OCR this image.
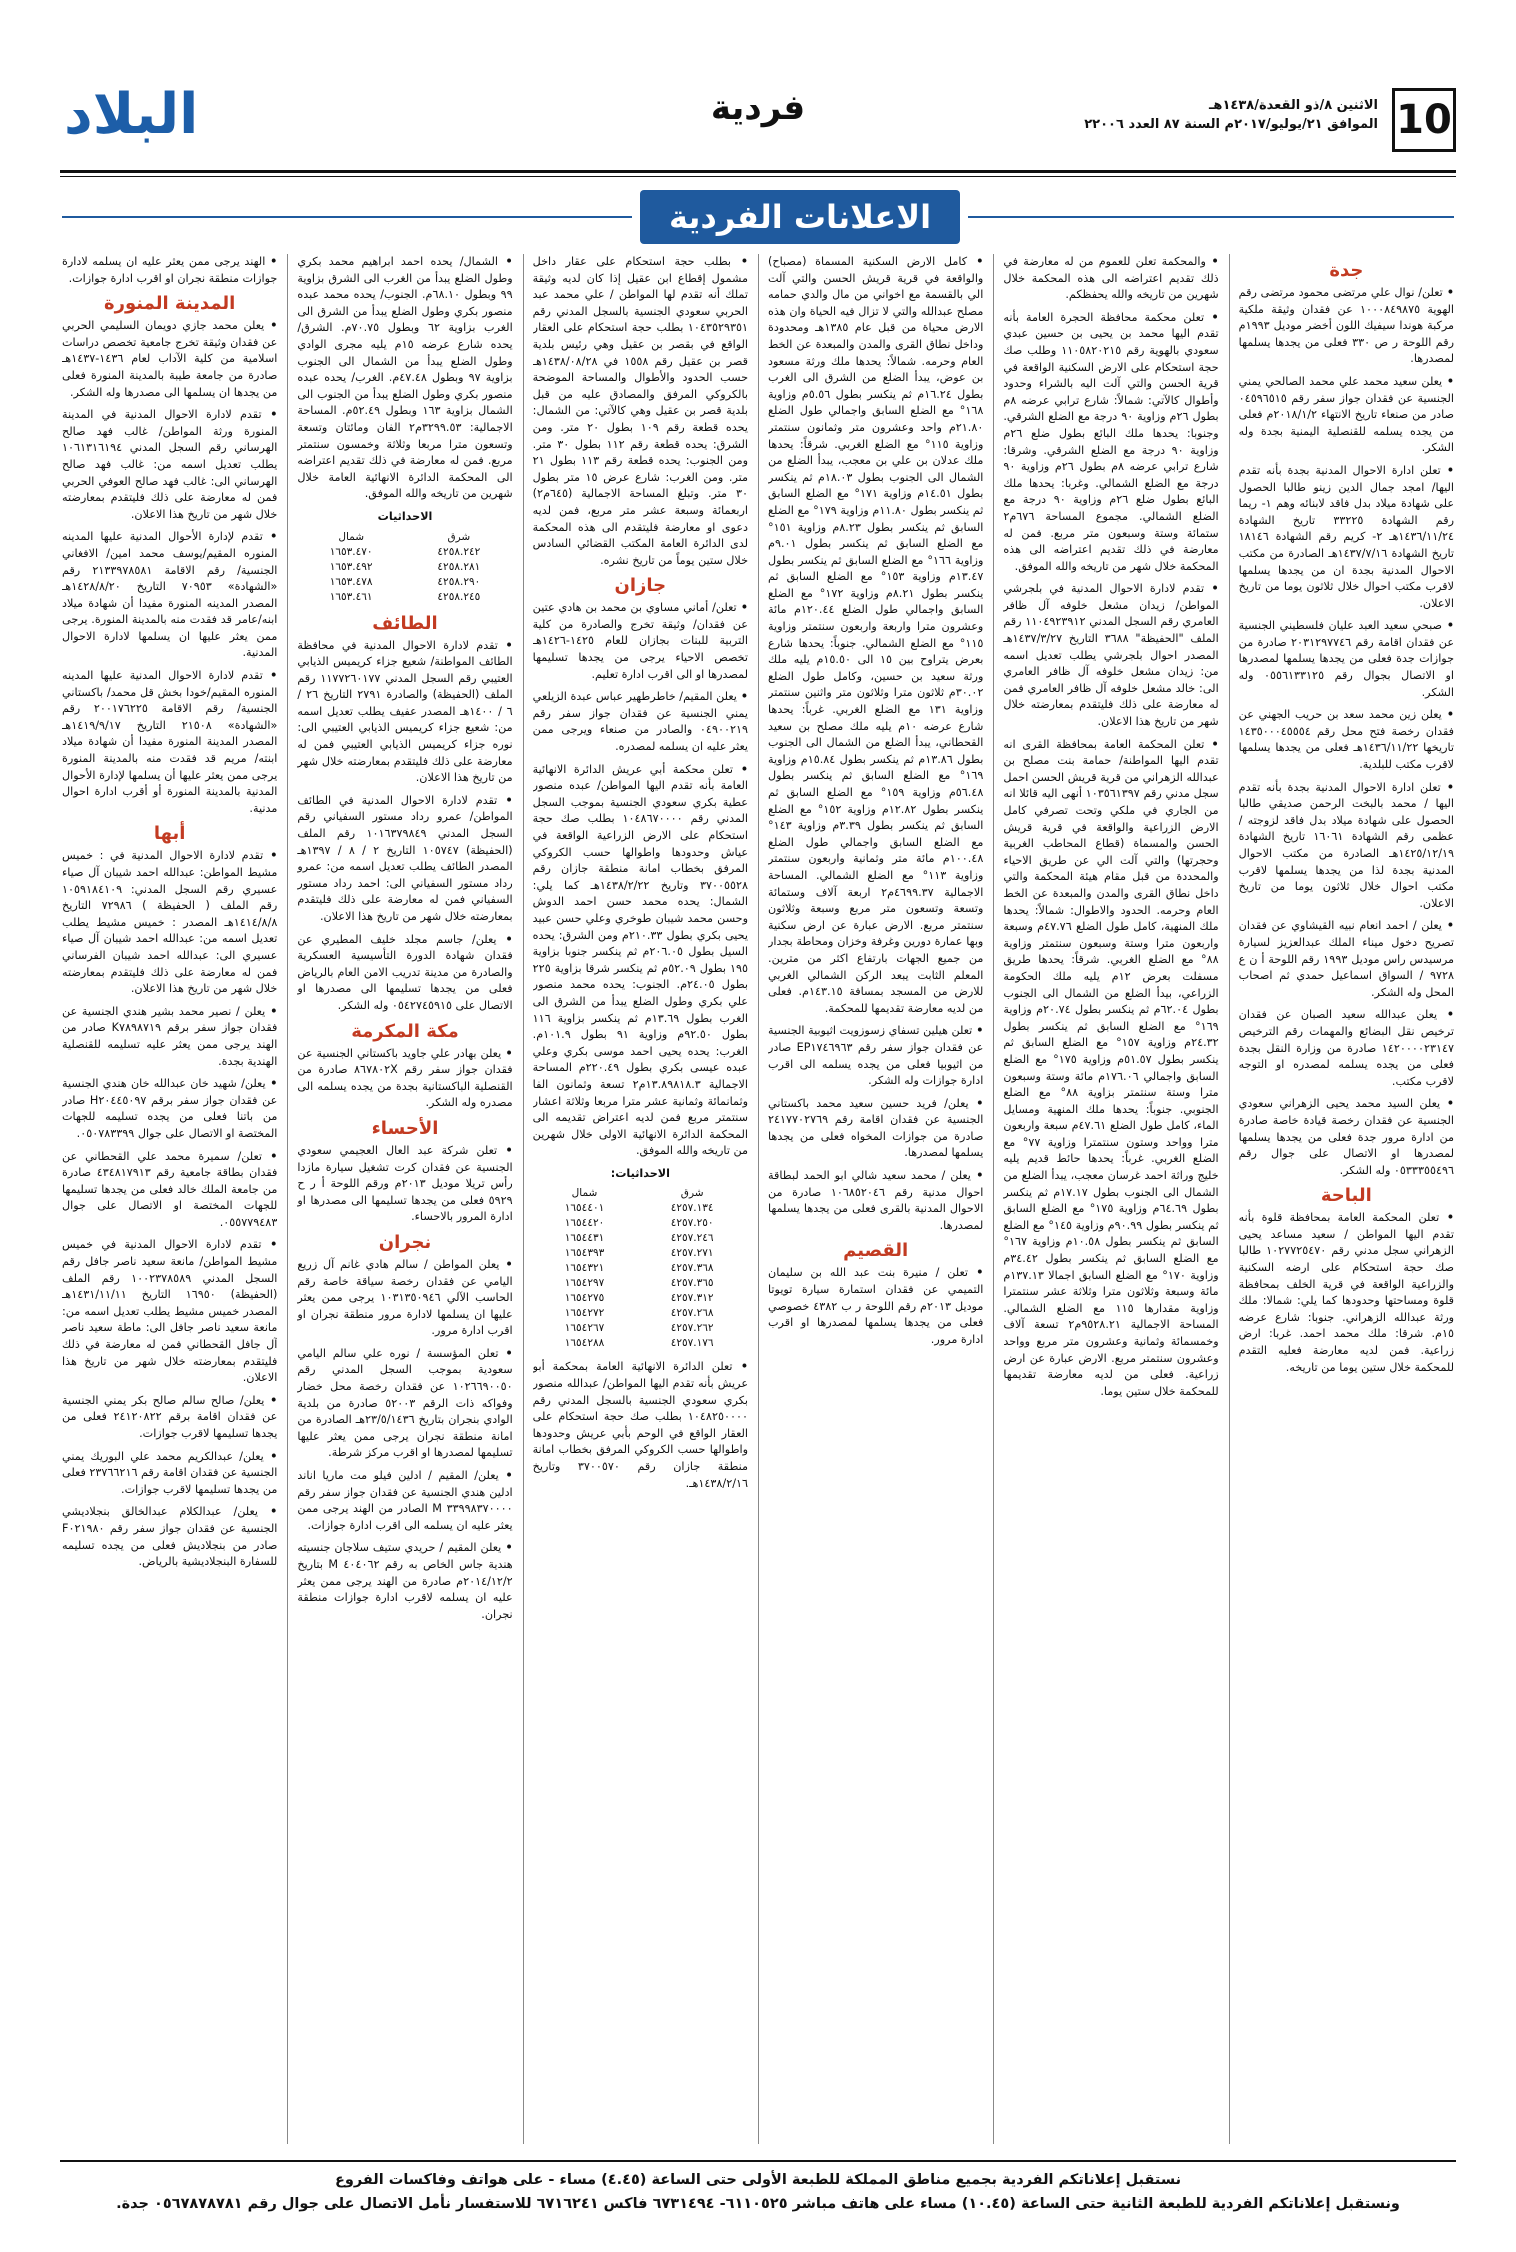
10
الاثنين ٨/ذو القعدة/١٤٣٨هـ
الموافق ٢١/يوليو/٢٠١٧م السنة ٨٧ العدد ٢٢٠٠٦
فردية
البلاد
الاعلانات الفردية
جدة

• تعلن/ نوال علي مرتضى محمود مرتضى رقم الهوية ١٠٠٠٨٤٩٨٧٥ عن فقدان وثيقة ملكية مركبة هوندا سيفيك اللون أخضر موديل ١٩٩٣م رقم اللوحة ر ص ٣٣٠ فعلى من يجدها يسلمها لمصدرها.

• يعلن سعيد محمد علي محمد الصالحي يمني الجنسية عن فقدان جواز سفر رقم ٠٤٥٩٦٥١٥ صادر من صنعاء تاريخ الانتهاء ٢٠١٨/١/٢م فعلى من يجده يسلمه للقنصلية اليمنية بجدة وله الشكر.

• تعلن ادارة الاحوال المدنية بجدة بأنه تقدم اليها/ امجد جمال الدين زينو طالبا الحصول على شهادة ميلاد بدل فاقد لابنائه وهم ١- ريما رقم الشهادة ٣٣٢٢٥ تاريخ الشهادة ١٤٣٦/١١/٢٤هـ ٢- كريم رقم الشهادة ١٨١٤٦ تاريخ الشهادة ١٤٣٧/٧/١٦هـ الصادرة من مكتب الاحوال المدنية بجدة ان من يجدها يسلمها لاقرب مكتب احوال خلال ثلاثون يوما من تاريخ الاعلان.

• صبحي سعيد العبد عليان فلسطيني الجنسية عن فقدان اقامة رقم ٢٠٣١٢٩٧٧٤٦ صادرة من جوازات جدة فعلى من يجدها يسلمها لمصدرها او الاتصال بجوال رقم ٠٥٥٦١٣٣١٢٥ وله الشكر.

• يعلن زين محمد سعد بن حريب الجهني عن فقدان رخصة فتح محل رقم ١٤٣٥٠٠٠٤٥٥٥٤ تاريخها ١٤٣٦/١١/٢٢هـ فعلى من يجدها يسلمها لاقرب مكتب للبلدية.

• تعلن ادارة الاحوال المدنية بجدة بأنه تقدم اليها / محمد بالبخت الرحمن صديقي طالبا الحصول على شهادة ميلاد بدل فاقد لزوجته / عظمى رقم الشهادة ١٦٠٦١ تاريخ الشهادة ١٤٢٥/١٢/١٩هـ الصادرة من مكتب الاحوال المدنية بجدة لذا من يجدها يسلمها لاقرب مكتب احوال خلال ثلاثون يوما من تاريخ الاعلان.

• يعلن / احمد انعام نبيه القيشاوي عن فقدان تصريح دخول ميناء الملك عبدالعزيز لسيارة مرسيدس راس موديل ١٩٩٣ رقم اللوحة أ ن ع ٩٧٢٨ / السواق اسماعيل حمدي ثم اصحاب المحل وله الشكر.

• يعلن عبدالله سعيد الصبان عن فقدان ترخيص نقل البضائع والمهمات رقم الترخيص ١٤٢٠٠٠٠٢٣١٤٧ صادرة من وزارة النقل بجدة فعلى من يجده يسلمه لمصدره او التوجه لاقرب مكتب.

• يعلن السيد محمد يحيى الزهراني سعودي الجنسية عن فقدان رخصة قيادة خاصة صادرة من ادارة مرور جدة فعلى من يجدها يسلمها لمصدرها او الاتصال على جوال رقم ٠٥٣٣٣٥٥٤٩٦ وله الشكر.

الباحة

• تعلن المحكمة العامة بمحافظة قلوة بأنه تقدم اليها المواطن / سعيد مساعد يحيى الزهراني سجل مدني رقم ١٠٢٧٧٢٥٤٧٠ طالبا صك حجة استحكام على ارضه السكنية والزراعية الواقعة في قرية الخلف بمحافظة قلوة ومساحتها وحدودها كما يلي: شمالا: ملك ورثة عبدالله الزهراني. جنوبا: شارع عرضه ١٥م. شرقا: ملك محمد احمد. غربا: ارض زراعية. فمن لديه معارضة فعليه التقدم للمحكمة خلال ستين يوما من تاريخه.

• والمحكمة تعلن للعموم من له معارضة في ذلك تقديم اعتراضه الى هذه المحكمة خلال شهرين من تاريخه والله يحفظكم.

• تعلن محكمة محافظة الحجرة العامة بأنه تقدم اليها محمد بن يحيى بن حسين عبدي سعودي بالهوية رقم ١١٠٥٨٢٠٢١٥ وطلب صك حجة استحكام على الارض السكنية الواقعة في قرية الحسن والتي آلت اليه بالشراء وحدود وأطوال كالآتي: شمالاً: شارع ترابي عرضه ٨م بطول ٢٦م وزاوية ٩٠ درجة مع الضلع الشرقي. وجنوبا: يحدها ملك البائع بطول ضلع ٢٦م وزاوية ٩٠ درجة مع الضلع الشرقي. وشرقا: شارع ترابي عرضه ٨م بطول ٢٦م وزاوية ٩٠ درجة مع الضلع الشمالي. وغربا: يحدها ملك البائع بطول ضلع ٢٦م وزاوية ٩٠ درجة مع الضلع الشمالي. مجموع المساحة ٦٧٦م٢ ستمائة وستة وسبعون متر مربع. فمن له معارضة في ذلك تقديم اعتراضه الى هذه المحكمة خلال شهر من تاريخه والله الموفق.

• تقدم لادارة الاحوال المدنية في بلجرشي المواطن/ زيدان مشعل خلوفه آل ظافر العامري رقم السجل المدني ١١٠٤٩٢٣٩١٢ رقم الملف "الحفيظة" ٣٦٨٨ التاريخ ١٤٣٧/٣/٢٧هـ المصدر احوال بلجرشي يطلب تعديل اسمه من: زيدان مشعل خلوفه آل ظافر العامري الى: خالد مشعل خلوفه آل ظافر العامري فمن له معارضة على ذلك فليتقدم بمعارضته خلال شهر من تاريخ هذا الاعلان.

• تعلن المحكمة العامة بمحافظة القرى انه تقدم اليها المواطنة/ حمامة بنت مصلح بن عبدالله الزهراني من قرية قريش الحسن احمل سجل مدني رقم ١٠٣٥٦١٣٩٧ أنهى اليه قائلا انه من الجاري في ملكي وتحت تصرفي كامل الارض الزراعية والواقعة في قرية قريش الحسن والمسماة (قطاع المحاطب الغربية وحجرتها) والتي آلت الي عن طريق الاحياء والمحددة من قبل مقام هيئة المحكمة والتي داخل نطاق القرى والمدن والمبعدة عن الخط العام وحرمه. الحدود والاطوال: شمالاً: يحدها ملك المنهية، كامل طول الضلع ٤٧.٧٦م وسبعة واربعون مترا وستة وسبعون سنتمتر وزاوية ٨٨° مع الضلع الغربي. شرقاً: يحدها طريق مسفلت بعرض ١٢م يليه ملك الحكومة الزراعي، بيدأ الضلع من الشمال الى الجنوب بطول ٦٢.٠٤م ثم ينكسر بطول ٢٠.٧٤م وزاوية ١٦٩° مع الضلع السابق ثم ينكسر بطول ٢٤.٣٢م وزاوية ١٥٧° مع الضلع السابق ثم ينكسر بطول ٥١.٥٧م وزاوية ١٧٥° مع الضلع السابق واجمالي ١٧٦.٠٦م مائة وستة وسبعون مترا وستة سنتمتر بزاوية ٨٨° مع الضلع الجنوبي. جنوباً: يحدها ملك المنهية ومسايل الماء، كامل طول الضلع ٤٧.٦١م سبعة واربعون مترا وواحد وستون سنتمترا وزاوية ٧٧° مع الضلع الغربي. غرباً: يحدها حائط قديم يليه خليج وراثة احمد غرسان معجب، يبدأ الضلع من الشمال الى الجنوب بطول ١٧.١٧م ثم ينكسر بطول ٦٤.٦٩م وزاوية ١٧٥° مع الضلع السابق ثم ينكسر بطول ٩٠.٩٩م وزاوية ١٤٥° مع الضلع السابق ثم ينكسر بطول ١٠.٥٨م وزاوية ١٦٧° مع الضلع السابق ثم ينكسر بطول ٣٤.٤٢م وزاوية ١٧٠° مع الضلع السابق اجمالا ١٣٧.١٣م مائة وسبعة وثلاثون مترا وثلاثة عشر سنتمترا وزاوية مقدارها ١١٥ مع الضلع الشمالي. المساحة الاجمالية ٩٥٢٨.٢١م٢ تسعة آلاف وخمسمائة وثمانية وعشرون متر مربع وواحد وعشرون سنتمتر مربع. الارض عبارة عن ارض زراعية. فعلى من لديه معارضة تقديمها للمحكمة خلال ستين يوما.

• كامل الارض السكنية المسماة (مصباح) والواقعة في قرية قريش الحسن والتي آلت الي بالقسمة مع اخواني من مال والدي حمامه مصلح عبدالله والتي لا تزال فيه الحياة وان هذه الارض محياة من قبل عام ١٣٨٥هـ ومحدودة وداخل نطاق القرى والمدن والمبعدة عن الخط العام وحرمه. شمالاً: يحدها ملك ورثة مسعود بن عوض، يبدأ الضلع من الشرق الى الغرب بطول ١٦.٢٤م ثم ينكسر بطول ٥.٥٦م وزاوية ١٦٨° مع الضلع السابق واجمالي طول الضلع ٢١.٨٠م واحد وعشرون متر وثمانون سنتمتر وزاوية ١١٥° مع الضلع الغربي. شرقاً: يحدها ملك عدلان بن علي بن معجب، يبدأ الضلع من الشمال الى الجنوب بطول ١٨.٠٣م ثم ينكسر بطول ١٤.٥١م وزاوية ١٧١° مع الضلع السابق ثم ينكسر بطول ١١.٨٠م وزاوية ١٧٩° مع الضلع السابق ثم ينكسر بطول ٨.٢٣م وزاوية ١٥١° مع الضلع السابق ثم ينكسر بطول ٩.٠١م وزاوية ١٦٦° مع الضلع السابق ثم ينكسر بطول ١٣.٤٧م وزاوية ١٥٣° مع الضلع السابق ثم ينكسر بطول ٨.٢١م وزاوية ١٧٢° مع الضلع السابق واجمالي طول الضلع ١٢٠.٤٤م مائة وعشرون مترا واربعة واربعون سنتمتر وزاوية ١١٥° مع الضلع الشمالي. جنوباً: يحدها شارع بعرض يتراوح بين ١٥ الى ١٥.٥٠م يليه ملك ورثة سعيد بن حسين، وكامل طول الضلع ٣٠.٠٢م ثلاثون مترا وثلاثون متر واثنين سنتمتر وزاوية ١٣١ مع الضلع الغربي. غرباً: يحدها شارع عرضه ١٠م يليه ملك مصلح بن سعيد القحطاني، يبدأ الضلع من الشمال الى الجنوب بطول ١٣.٨٦م ثم ينكسر بطول ١٥.٨٤م وزاوية ١٦٩° مع الضلع السابق ثم ينكسر بطول ٥٦.٤٨م وزاوية ١٥٩° مع الضلع السابق ثم ينكسر بطول ١٢.٨٢م وزاوية ١٥٢° مع الضلع السابق ثم ينكسر بطول ٣.٣٩م وزاوية ١٤٣° مع الضلع السابق واجمالي طول الضلع ١٠٠.٤٨م مائة متر وثمانية واربعون سنتمتر وزاوية ١١٣° مع الضلع الشمالي. المساحة الاجمالية ٤٦٩٩.٣٧م٢ اربعة آلاف وستمائة وتسعة وتسعون متر مربع وسبعة وثلاثون سنتمتر مربع. الارض عبارة عن ارض سكنية وبها عمارة دورين وغرفة وخزان ومحاطة بجدار من جميع الجهات بارتفاع اكثر من مترين. المعلم الثابت يبعد الركن الشمالي الغربي للارض من المسجد بمسافة ١٤٣.١٥م. فعلى من لديه معارضة تقديمها للمحكمة.

• تعلن هيلين تسفاي زسوزويت اثيوبية الجنسية عن فقدان جواز سفر رقم EP١٧٤٦٩٦٣ صادر من اثيوبيا فعلى من يجده يسلمه الى اقرب ادارة جوازات وله الشكر.

• يعلن/ فريد حسين سعيد محمد باكستاني الجنسية عن فقدان اقامة رقم ٢٤١٧٧٠٢٧٦٩ صادرة من جوازات المخواه فعلى من يجدها يسلمها لمصدرها.

• يعلن / محمد سعيد شالي ابو الحمد لبطاقة احوال مدنية رقم ١٠٦٨٥٢٠٤٦ صادرة من الاحوال المدنية بالقرى فعلى من يجدها يسلمها لمصدرها.

القصيم

• تعلن / منيرة بنت عبد الله بن سليمان التميمي عن فقدان استمارة سيارة تويوتا موديل ٢٠١٣م رقم اللوحة ر ب ٤٣٨٢ خصوصي فعلى من يجدها يسلمها لمصدرها او اقرب ادارة مرور.

• بطلب حجة استحكام على عقار داخل مشمول إقطاع ابن عقيل إذا كان لديه وثيقة تملك أنه تقدم لها المواطن / علي محمد عبد الحربي سعودي الجنسية بالسجل المدني رقم ١٠٤٣٥٢٩٣٥١ بطلب حجة استحكام على العقار الواقع في بقصر بن عقيل وهي رئيس بلدية قصر بن عقيل رقم ١٥٥٨ في ١٤٣٨/٠٨/٢٨هـ حسب الحدود والأطوال والمساحة الموضحة بالكروكي المرفق والمصادق عليه من قبل بلدية قصر بن عقيل وهي كالآتي: من الشمال: يحده قطعة رقم ١٠٩ بطول ٢٠ متر. ومن الشرق: يحده قطعة رقم ١١٢ بطول ٣٠ متر. ومن الجنوب: يحده قطعة رقم ١١٣ بطول ٢١ متر. ومن الغرب: شارع عرض ١٥ متر بطول ٣٠ متر. وتبلغ المساحة الاجمالية (٦٤٥م٢) اربعمائة وسبعة عشر متر مربع، فمن لديه دعوى او معارضة فليتقدم الى هذه المحكمة لدى الدائرة العامة المكتب القضائي السادس خلال ستين يوماً من تاريخ نشره.

جازان

• تعلن/ أماني مساوي بن محمد بن هادي عتين عن فقدان/ وثيقة تخرج والصادرة من كلية التربية للبنات بجازان للعام ١٤٢٥-١٤٢٦هـ تخصص الاحياء يرجى من يجدها تسليمها لمصدرها او الى اقرب ادارة تعليم.

• يعلن المقيم/ خاطرطهير عباس عبدة الزيلعي يمني الجنسية عن فقدان جواز سفر رقم ٠٤٩٠٠٢١٩ والصادر من صنعاء ويرجى ممن يعثر عليه ان يسلمه لمصدره.

• تعلن محكمة أبي عريش الدائرة الانهائية العامة بأنه تقدم اليها المواطن/ عبده منصور عطية بكري سعودي الجنسية بموجب السجل المدني رقم ١٠٤٨٦٧٠٠٠٠ بطلب صك حجة استحكام على الارض الزراعية الواقعة في عياش وحدودها واطوالها حسب الكروكي المرفق بخطاب امانة منطقة جازان رقم ٣٧٠٠٥٥٢٨ وتاريخ ١٤٣٨/٢/٢٢هـ كما يلي: الشمال: يحده محمد حسن احمد الدوش وحسن محمد شيبان طوخري وعلي حسن عبيد يحيى بكري بطول ٢١٠.٣٣م ومن الشرق: يحده السيل بطول ٢٠٦.٠٥م ثم ينكسر جنوبا بزاوية ١٩٥ بطول ٥٢.٠٩م ثم ينكسر شرقا بزاوية ٢٢٥ بطول ٢٤.٠٥م. الجنوب: يحده محمد منصور علي بكري وطول الضلع يبدأ من الشرق الى الغرب بطول ١٣.٦٩م ثم ينكسر بزاوية ١١٦ بطول ٩٢.٥٠م وزاوية ٩١ بطول ١٠١.٩م. الغرب: يحده يحيى احمد موسى بكري وعلي عبده عيسى بكري بطول ٢٢٠.٤٩م المساحة الاجمالية ١٣.٨٩٨١٨.٣م٢ تسعة وثمانون الفا وثمانمائة وثمانية عشر مترا مربعا وثلاثة اعشار سنتمتر مربع فمن لديه اعتراض تقديمه الى المحكمة الدائرة الانهائية الاولى خلال شهرين من تاريخه والله الموفق.

الاحداثيات:
شمال	شرق
١٦٥٤٤٠١	٤٢٥٧.١٣٤
١٦٥٤٤٢٠	٤٢٥٧.٢٥٠
١٦٥٤٤٣١	٤٢٥٧.٢٤٦
١٦٥٤٣٩٣	٤٢٥٧.٢٧١
١٦٥٤٣٢١	٤٢٥٧.٣٦٨
١٦٥٤٢٩٧	٤٢٥٧.٣٦٥
١٦٥٤٢٧٥	٤٢٥٧.٣١٢
١٦٥٤٢٧٢	٤٢٥٧.٢٦٨
١٦٥٤٢٦٧	٤٢٥٧.٢٦٢
١٦٥٤٢٨٨	٤٢٥٧.١٧٦

• تعلن الدائرة الانهائية العامة بمحكمة أبو عريش بأنه تقدم اليها المواطن/ عبدالله منصور بكري سعودي الجنسية بالسجل المدني رقم ١٠٤٨٢٥٠٠٠٠ بطلب صك حجة استحكام على العقار الواقع في الوحم بأبي عريش وحدودها واطوالها حسب الكروكي المرفق بخطاب امانة منطقة جازان رقم ٣٧٠٠٥٧٠ وتاريخ ١٤٣٨/٢/١٦هـ.

• الشمال/ يحده احمد ابراهيم محمد بكري وطول الضلع يبدأ من الغرب الى الشرق بزاوية ٩٩ وبطول ٦٨.١٠م. الجنوب/ يحده محمد عبده منصور بكري وطول الضلع يبدأ من الشرق الى الغرب بزاوية ٦٢ وبطول ٧٠.٧٥م. الشرق/ يحده شارع عرضه ١٥م يليه مجرى الوادي وطول الضلع يبدأ من الشمال الى الجنوب بزاوية ٩٧ وبطول ٤٧.٤٨م. الغرب/ يحده عبده منصور بكري وطول الضلع يبدأ من الجنوب الى الشمال بزاوية ١٦٣ وبطول ٥٢.٤٩م. المساحة الاجمالية: ٣٢٩٩.٥٣م٢ الفان ومائتان وتسعة وتسعون مترا مربعا وثلاثة وخمسون سنتمتر مربع. فمن له معارضة في ذلك تقديم اعتراضه الى المحكمة الدائرة الانهائية العامة خلال شهرين من تاريخه والله الموفق.

الاحداثيات
شمال	شرق
١٦٥٣.٤٧٠	٤٢٥٨.٢٤٢
١٦٥٣.٤٩٢	٤٢٥٨.٢٨١
١٦٥٣.٤٧٨	٤٢٥٨.٢٩٠
١٦٥٣.٤٦١	٤٢٥٨.٢٤٥
الطائف

• تقدم لادارة الاحوال المدنية في محافظة الطائف المواطنة/ شعيع جزاء كريميس الذيابي العتيبي رقم السجل المدني ١١٧٧٢٦٠١٧٧ رقم الملف (الحفيظة) والصادرة ٢٧٩١ التاريخ ٢٦ / ٦ / ١٤٠٠هـ المصدر عفيف يطلب تعديل اسمه من: شعيع جزاء كريميس الذيابي العتيبي الى: نوره جزاء كريميس الذيابي العتيبي فمن له معارضة على ذلك فليتقدم بمعارضته خلال شهر من تاريخ هذا الاعلان.

• تقدم لادارة الاحوال المدنية في الطائف المواطن/ عمرو رداد مستور السفياني رقم السجل المدني ١٠١٦٣٧٩٨٤٩ رقم الملف (الحفيظة) ١٠٥٧٤٧ التاريخ ٢ / ٨ / ١٣٩٧هـ المصدر الطائف يطلب تعديل اسمه من: عمرو رداد مستور السفياني الى: احمد رداد مستور السفياني فمن له معارضة على ذلك فليتقدم بمعارضته خلال شهر من تاريخ هذا الاعلان.

• يعلن/ جاسم مجلد خليف المطيري عن فقدان شهادة الدورة التأسيسية العسكرية والصادرة من مدينة تدريب الامن العام بالرياض فعلى من يجدها تسليمها الى مصدرها او الاتصال على ٠٥٤٢٧٤٥٩١٥ وله الشكر.

مكة المكرمة

• يعلن بهادر علي جاويد باكستاني الجنسية عن فقدان جواز سفر رقم ٨٦٧٨٠٢X صادرة من القنصلية الباكستانية بجدة من يجده يسلمه الى مصدره وله الشكر.

الأحساء

• تعلن شركة عبد العال العجيمي سعودي الجنسية عن فقدان كرت تشغيل سيارة مازدا رأس تريلا موديل ٢٠١٣م ورقم اللوحة أ ر ح ٥٩٢٩ فعلى من يجدها تسليمها الى مصدرها او ادارة المرور بالاحساء.

نجران

• يعلن المواطن / سالم هادي غانم آل زريع اليامي عن فقدان رخصة سياقة خاصة رقم الحاسب الآلي ١٠٣١٣٥٠٩٤٦ يرجى ممن يعثر عليها ان يسلمها لادارة مرور منطقة نجران او اقرب ادارة مرور.

• تعلن المؤسسة / نوره علي سالم اليامي سعودية بموجب السجل المدني رقم ١٠٢٦٦٩٠٠٥٠ عن فقدان رخصة محل خضار وفواكه ذات الرقم ٥٢٠٠٣ صادرة من بلدية الوادي بنجران بتاريخ ٢٣/٥/١٤٣٦هـ الصادرة من امانة منطقة نجران يرجى ممن يعثر عليها تسليمها لمصدرها او اقرب مركز شرطة.

• يعلن/ المقيم / ادلين فيلو مت ماريا اناند ادلين هندي الجنسية عن فقدان جواز سفر رقم ٣٣٩٩٨٣٧٠٠٠٠ M الصادر من الهند يرجى ممن يعثر عليه ان يسلمه الى اقرب ادارة جوازات.

• يعلن المقيم / حريدي ستيف سلاجان جنسيته هندية جاس الخاص به رقم ٤٠٤٠٦٢ M بتاريخ ٢٠١٤/١٢/٢م صادرة من الهند يرجى ممن يعثر عليه ان يسلمه لاقرب ادارة جوازات منطقة نجران.

• الهند يرجى ممن يعثر عليه ان يسلمه لادارة جوازات منطقة نجران او اقرب ادارة جوازات.

المدينة المنورة

• يعلن محمد جازي دويمان السليمي الحربي عن فقدان وثيقة تخرج جامعية تخصص دراسات اسلامية من كلية الآداب لعام ١٤٣٦-١٤٣٧هـ صادرة من جامعة طيبة بالمدينة المنورة فعلى من يجدها ان يسلمها الى مصدرها وله الشكر.

• تقدم لادارة الاحوال المدنية في المدينة المنورة ورثة المواطن/ غالب فهد صالح الهرساني رقم السجل المدني ١٠٦١٣١٦١٩٤ يطلب تعديل اسمه من: غالب فهد صالح الهرساني الى: غالب فهد صالح العوفي الحربي فمن له معارضة على ذلك فليتقدم بمعارضته خلال شهر من تاريخ هذا الاعلان.

• تقدم لإدارة الأحوال المدنية عليها المدينه المنوره المقيم/يوسف محمد امين/ الافغاني الجنسية/ رقم الاقامة ٢١٣٣٩٧٨٥٨١ رقم «الشهادة» ٧٠٩٥٣ التاريخ ١٤٢٨/٨/٢٠هـ المصدر المدينه المنورة مفيدا أن شهادة ميلاد ابنه/عامر قد فقدت منه بالمدينة المنورة. يرجى ممن يعثر عليها ان يسلمها لادارة الاحوال المدنية.

• تقدم لادارة الاحوال المدنية عليها المدينه المنوره المقيم/خودا بخش قل محمد/ باكستاني الجنسية/ رقم الاقامة ٢٠٠١٧٦٢٢٥ رقم «الشهادة» ٢١٥٠٨ التاريخ ١٤١٩/٩/١٧هـ المصدر المدينة المنورة مفيدا أن شهادة ميلاد ابنته/ مريم قد فقدت منه بالمدينة المنورة يرجى ممن يعثر عليها أن يسلمها لإدارة الأحوال المدنية بالمدينة المنورة أو أقرب ادارة احوال مدنية.

أبها

• تقدم لادارة الاحوال المدنية في : خميس مشيط المواطن: عبدالله احمد شيبان آل صياء عسيري رقم السجل المدني: ١٠٥٩١٨٤١٠٩ رقم الملف ( الحفيظة ) ٧٢٩٨٦ التاريخ ١٤١٤/٨/٨هـ المصدر : خميس مشيط يطلب تعديل اسمه من: عبدالله احمد شيبان آل صياء عسيري الى: عبدالله احمد شيبان الفرساني فمن له معارضة على ذلك فليتقدم بمعارضته خلال شهر من تاريخ هذا الاعلان.

• يعلن / نصير محمد بشير هندي الجنسية عن فقدان جواز سفر برقم K٧٨٩٨٧١٩ صادر من الهند يرجى ممن يعثر عليه تسليمه للقنصلية الهندية بجدة.

• يعلن/ شهيد خان عبدالله خان هندي الجنسية عن فقدان جواز سفر برقم H٢٠٤٤٥٠٩٧ صادر من باتنا فعلى من يجده تسليمه للجهات المختصة او الاتصال على جوال ٠٥٠٧٨٣٣٩٩.

• تعلن/ سميرة محمد علي القحطاني عن فقدان بطاقة جامعية رقم ٤٣٤٨١٧٩١٣ صادرة من جامعة الملك خالد فعلى من يجدها تسليمها للجهات المختصة او الاتصال على جوال ٠٥٥٧٧٩٤٨٣.

• تقدم لادارة الاحوال المدنية في خميس مشيط المواطن/ مانعة سعيد ناصر جافل رقم السجل المدني ١٠٠٢٣٧٨٥٨٩ رقم الملف (الحفيظة) ١٦٩٥٠ التاريخ ١٤٣١/١١/١١هـ المصدر خميس مشيط يطلب تعديل اسمه من: مانعة سعيد ناصر جافل الى: ماطة سعيد ناصر آل جافل القحطاني فمن له معارضة في ذلك فليتقدم بمعارضته خلال شهر من تاريخ هذا الاعلان.

• يعلن/ صالح سالم صالح بكر يمني الجنسية عن فقدان اقامة برقم ٢٤١٢٠٨٢٢ فعلى من يجدها تسليمها لاقرب جوازات.

• يعلن/ عبدالكريم محمد علي البوريك يمني الجنسية عن فقدان اقامة رقم ٢٣٧٦٦٢١٦ فعلى من يجدها تسليمها لاقرب جوازات.

• يعلن/ عبدالكلام عبدالخالق بنجلاديشي الجنسية عن فقدان جواز سفر رقم F٠٢١٩٨٠ صادر من بنجلاديش فعلى من يجده تسليمه للسفارة البنجلاديشية بالرياض.

نستقبل إعلاناتكم الفردية بجميع مناطق المملكة للطبعة الأولى حتى الساعة (٤.٤٥) مساء - على هواتف وفاكسات الفروع
ونستقبل إعلاناتكم الفردية للطبعة الثانية حتى الساعة (١٠.٤٥) مساء على هاتف مباشر ٦١١٠٥٢٥- ٦٧٣١٤٩٤ فاكس ٦٧١٦٢٤١ للاستفسار نأمل الاتصال على جوال رقم ٠٥٦٧٨٧٨٧٨١ جدة.
